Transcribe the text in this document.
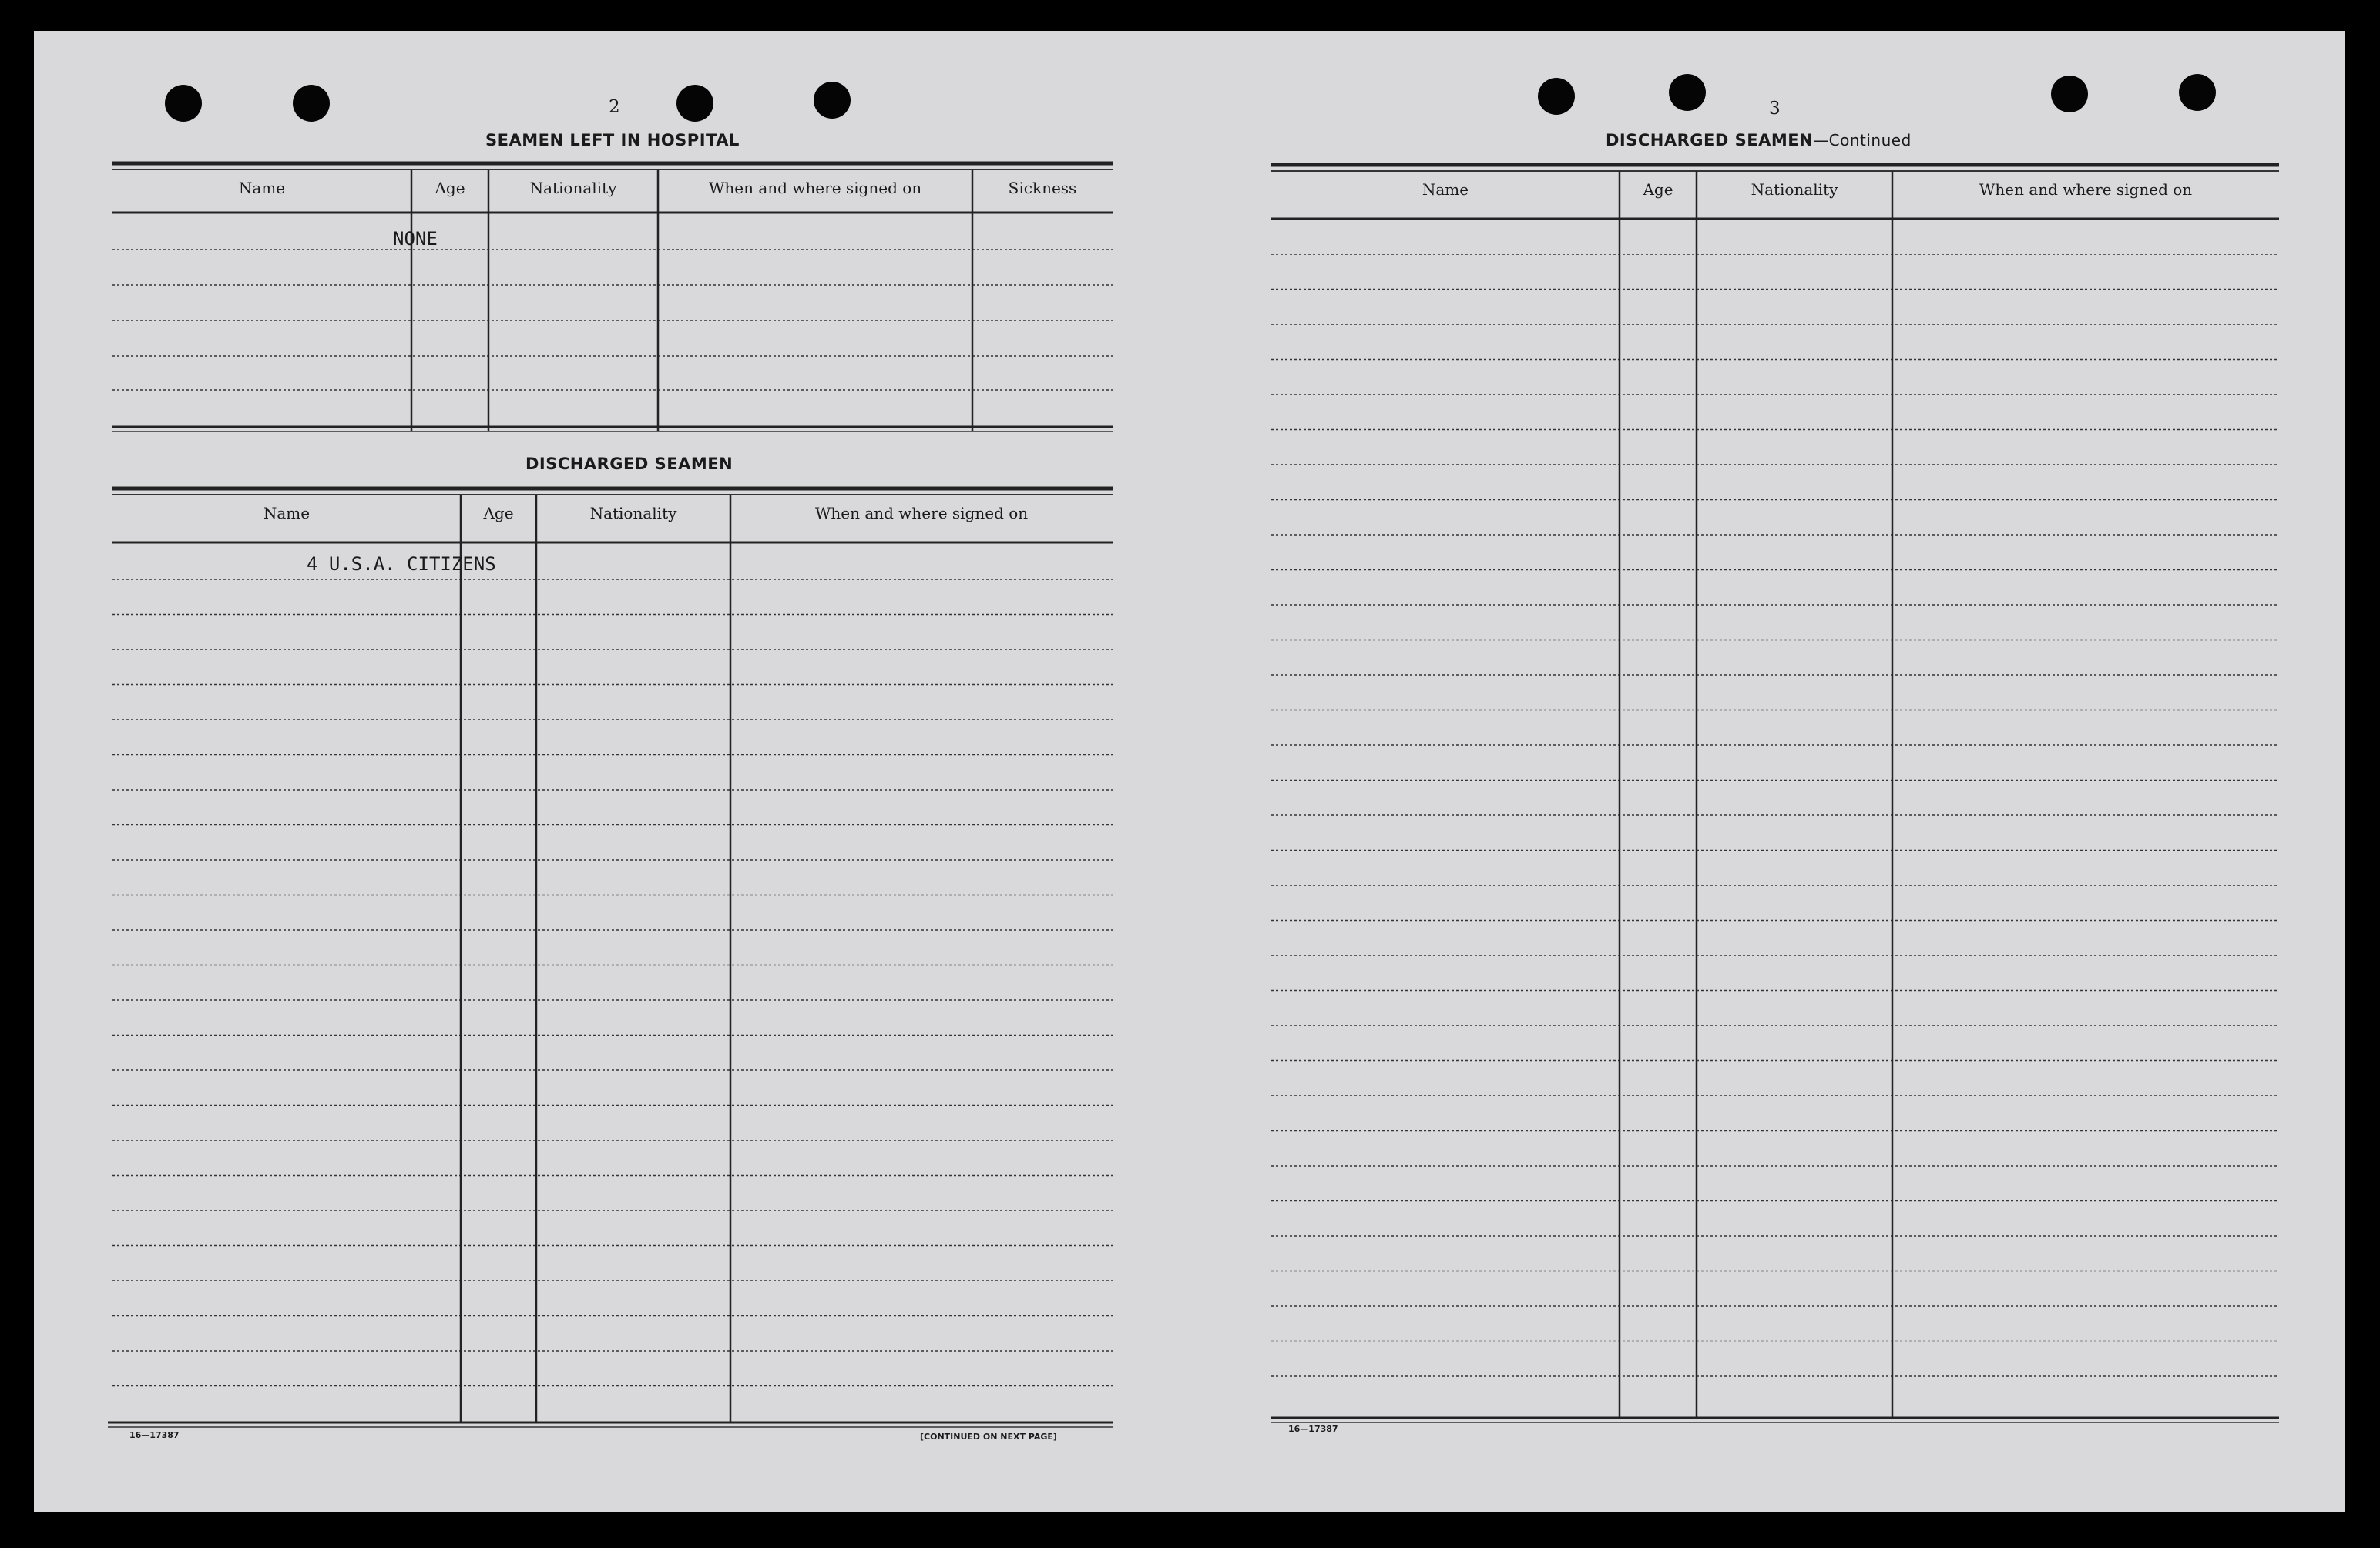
2
SEAMEN LEFT IN HOSPITAL
Name	Age	Nationality	When and where signed on	Sickness
NONE
DISCHARGED SEAMEN
Name	Age	Nationality	When and where signed on
4 U.S.A. CITIZENS
16—17387	[CONTINUED ON NEXT PAGE]
3
DISCHARGED SEAMEN—Continued
Name	Age	Nationality	When and where signed on
16—17387
